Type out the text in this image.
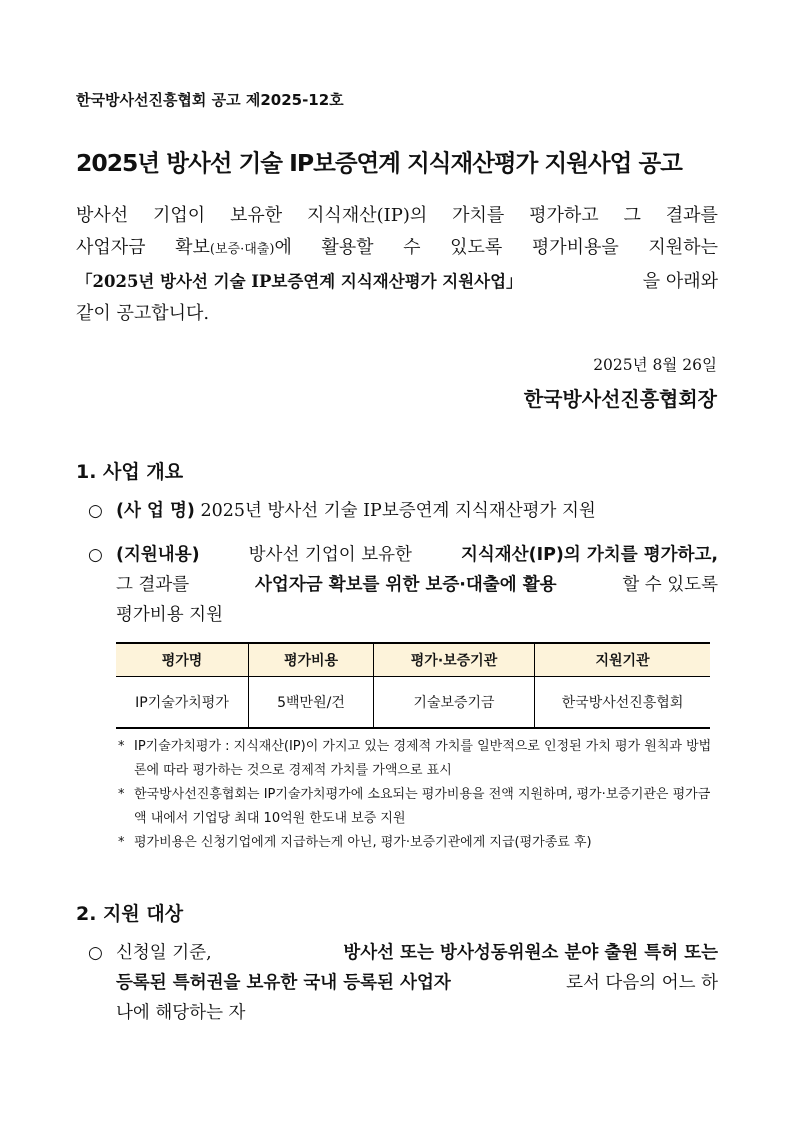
한국방사선진흥협회 공고 제2025-12호
2025년 방사선 기술 IP보증연계 지식재산평가 지원사업 공고
방사선 기업이 보유한 지식재산(IP)의 가치를 평가하고 그 결과를
사업자금 확보(보증·대출)에 활용할 수 있도록 평가비용을 지원하는
「2025년 방사선 기술 IP보증연계 지식재산평가 지원사업」	을 아래와
같이 공고합니다.
2025년 8월 26일
한국방사선진흥협회장
1. 사업 개요
○ (사 업 명) 2025년 방사선 기술 IP보증연계 지식재산평가 지원
○ (지원내용)	방사선 기업이 보유한	지식재산(IP)의 가치를 평가하고,
그 결과를	사업자금 확보를 위한 보증·대출에 활용	할 수 있도록
평가비용 지원
평가명	평가비용	평가·보증기관	지원기관
IP기술가치평가	5백만원/건	기술보증기금	한국방사선진흥협회
* IP기술가치평가 : 지식재산(IP)이 가지고 있는 경제적 가치를 일반적으로 인정된 가치 평가 원칙과 방법론에 따라 평가하는 것으로 경제적 가치를 가액으로 표시
* 한국방사선진흥협회는 IP기술가치평가에 소요되는 평가비용을 전액 지원하며, 평가·보증기관은 평가금액 내에서 기업당 최대 10억원 한도내 보증 지원
* 평가비용은 신청기업에게 지급하는게 아닌, 평가·보증기관에게 지급(평가종료 후)
2. 지원 대상
○ 신청일 기준,	방사선 또는 방사성동위원소 분야 출원 특허 또는
등록된 특허권을 보유한 국내 등록된 사업자	로서 다음의 어느 하
나에 해당하는 자
